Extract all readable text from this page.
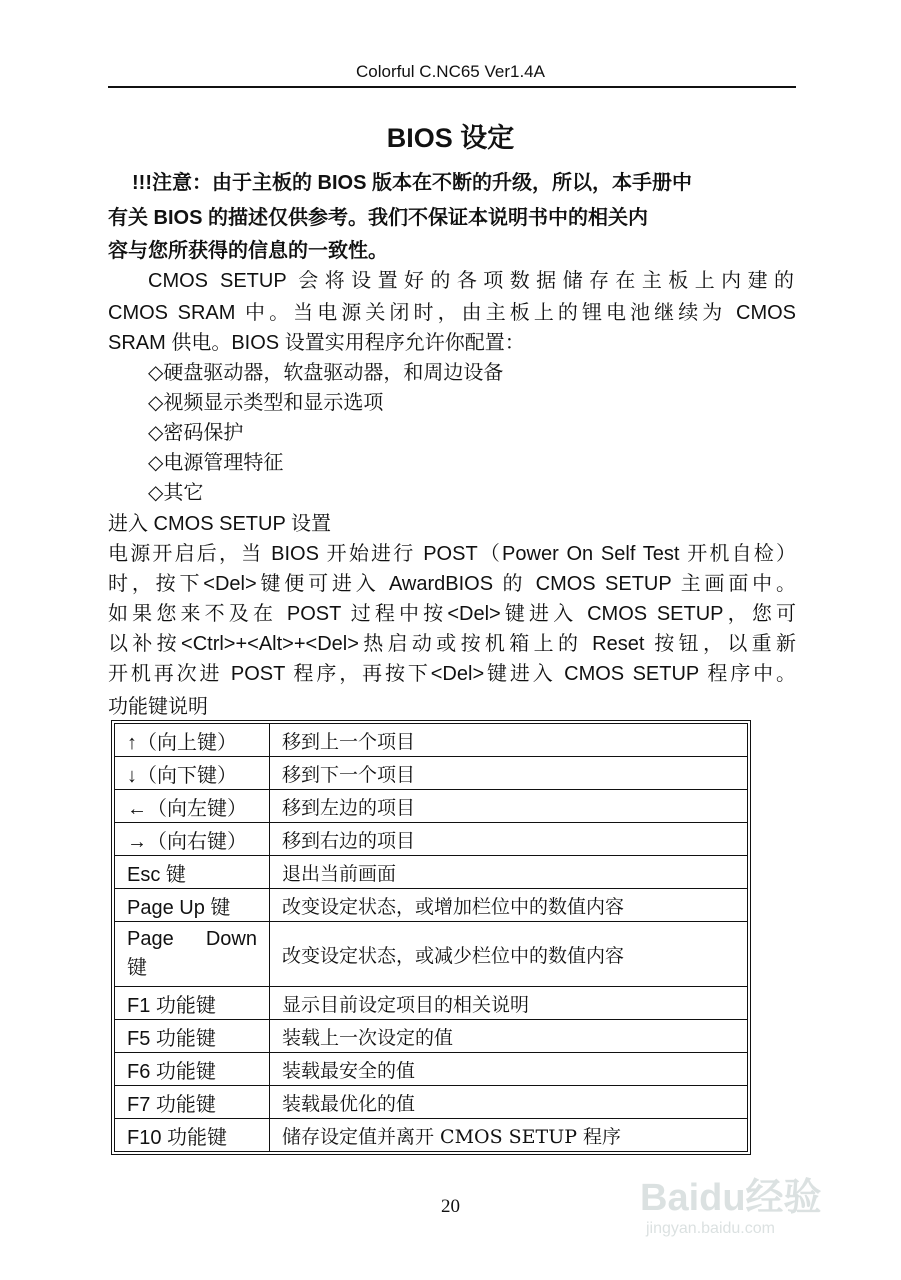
Colorful C.NC65 Ver1.4A
BIOS 设定
!!!注意：由于主板的 BIOS 版本在不断的升级，所以，本手册中
有关 BIOS 的描述仅供参考。我们不保证本说明书中的相关内
容与您所获得的信息的一致性。
CMOS SETUP 会将设置好的各项数据储存在主板上内建的
CMOS SRAM 中。当电源关闭时，由主板上的锂电池继续为 CMOS
SRAM 供电。BIOS 设置实用程序允许你配置：
◇硬盘驱动器，软盘驱动器，和周边设备
◇视频显示类型和显示选项
◇密码保护
◇电源管理特征
◇其它
进入 CMOS SETUP 设置
电源开启后，当 BIOS 开始进行 POST（Power On Self Test 开机自检）
时，按下<Del>键便可进入 AwardBIOS 的 CMOS SETUP 主画面中。
如果您来不及在 POST 过程中按<Del>键进入 CMOS SETUP，您可
以补按<Ctrl>+<Alt>+<Del>热启动或按机箱上的 Reset 按钮，以重新
开机再次进 POST 程序，再按下<Del>键进入 CMOS SETUP 程序中。
功能键说明
↑（向上键）	移到上一个项目
↓（向下键）	移到下一个项目
←（向左键）	移到左边的项目
→（向右键）	移到右边的项目
Esc 键	退出当前画面
Page Up 键	改变设定状态，或增加栏位中的数值内容

Page Down
键	改变设定状态，或减少栏位中的数值内容
F1 功能键	显示目前设定项目的相关说明
F5 功能键	装载上一次设定的值
F6 功能键	装载最安全的值
F7 功能键	装载最优化的值
F10 功能键	储存设定值并离开 CMOS SETUP 程序
20	Baidu经验
jingyan.baidu.com
